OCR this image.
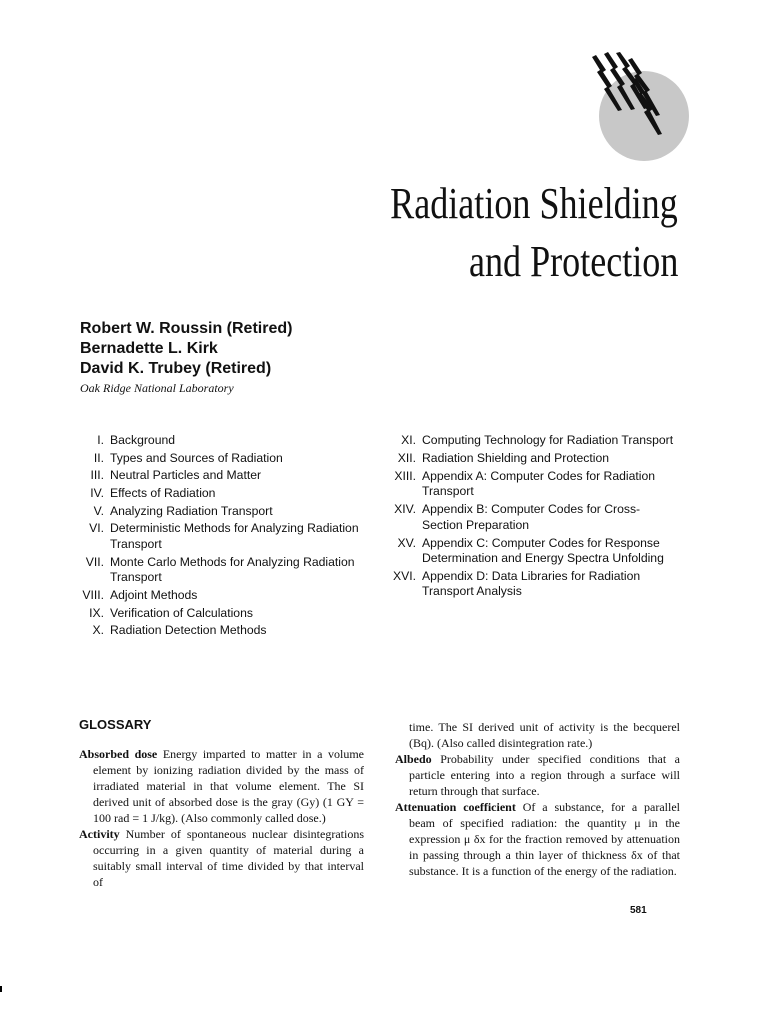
Radiation Shielding
and Protection
Robert W. Roussin (Retired)
Bernadette L. Kirk
David K. Trubey (Retired)
Oak Ridge National Laboratory
I. Background
II. Types and Sources of Radiation
III. Neutral Particles and Matter
IV. Effects of Radiation
V. Analyzing Radiation Transport
VI. Deterministic Methods for Analyzing Radiation Transport
VII. Monte Carlo Methods for Analyzing Radiation Transport
VIII. Adjoint Methods
IX. Verification of Calculations
X. Radiation Detection Methods
XI. Computing Technology for Radiation Transport
XII. Radiation Shielding and Protection
XIII. Appendix A: Computer Codes for Radiation Transport
XIV. Appendix B: Computer Codes for Cross-Section Preparation
XV. Appendix C: Computer Codes for Response Determination and Energy Spectra Unfolding
XVI. Appendix D: Data Libraries for Radiation Transport Analysis
GLOSSARY
Absorbed dose Energy imparted to matter in a volume element by ionizing radiation divided by the mass of irradiated material in that volume element. The SI derived unit of absorbed dose is the gray (Gy) (1 GY = 100 rad = 1 J/kg). (Also commonly called dose.)
Activity Number of spontaneous nuclear disintegrations occurring in a given quantity of material during a suitably small interval of time divided by that interval of
time. The SI derived unit of activity is the becquerel (Bq). (Also called disintegration rate.)
Albedo Probability under specified conditions that a particle entering into a region through a surface will return through that surface.
Attenuation coefficient Of a substance, for a parallel beam of specified radiation: the quantity μ in the expression μ δx for the fraction removed by attenuation in passing through a thin layer of thickness δx of that substance. It is a function of the energy of the radiation.
581
